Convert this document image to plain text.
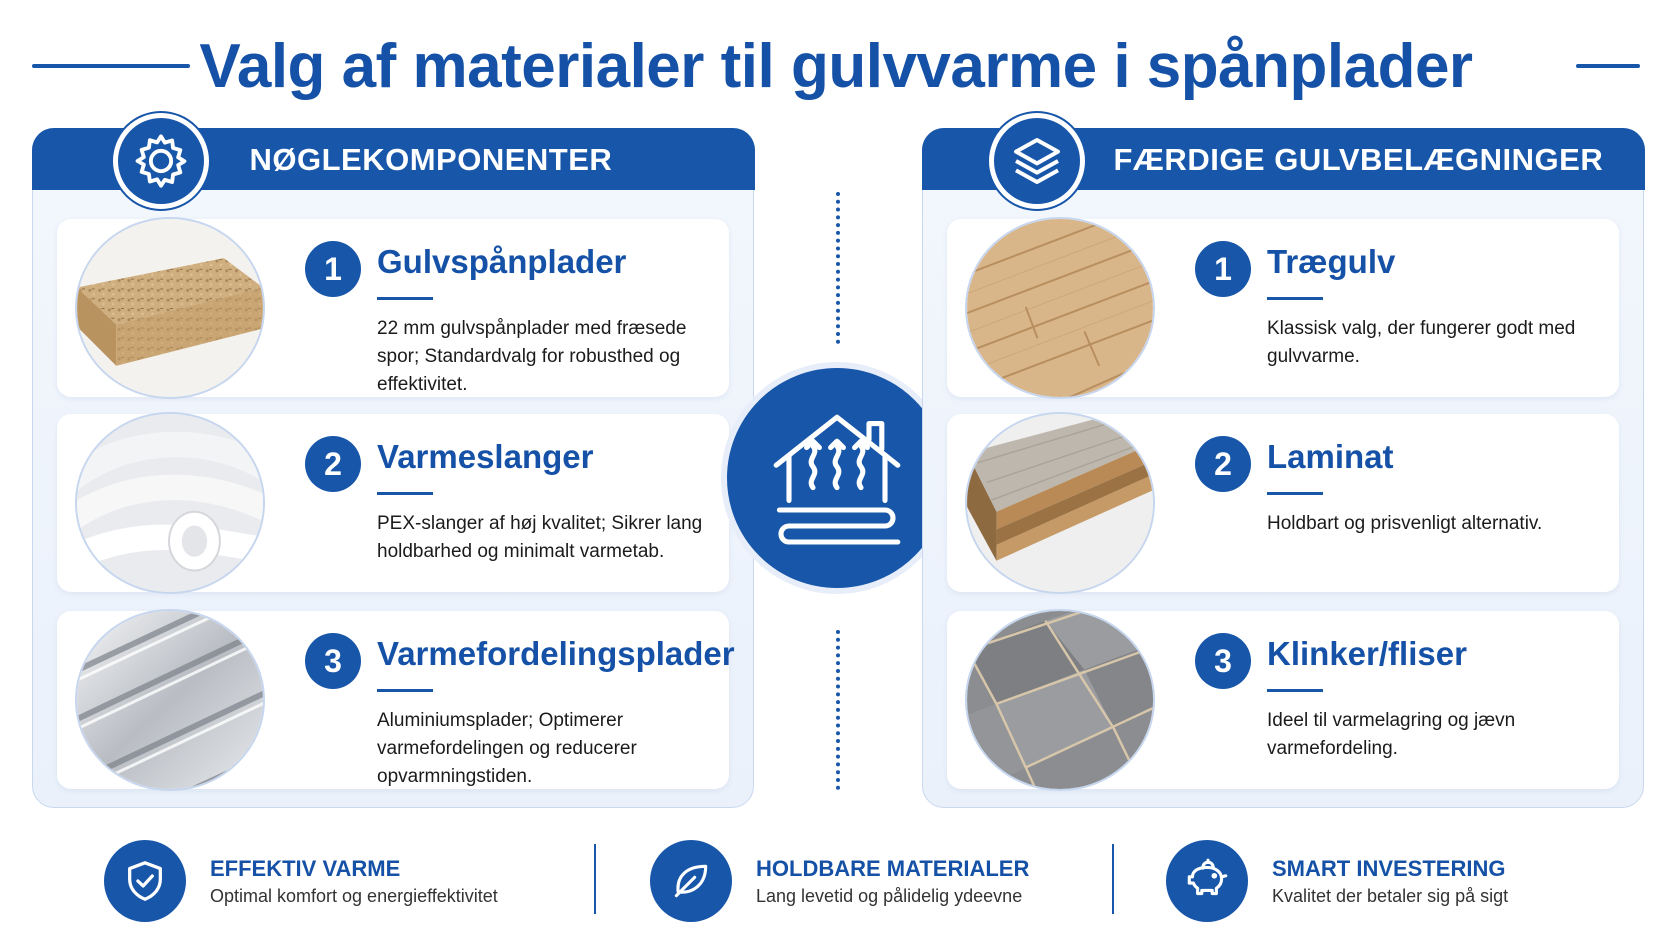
Valg af materialer til gulvvarme i spånplader
NØGLEKOMPONENTER
1	Gulvspånplader
22 mm gulvspånplader med fræsede spor; Standardvalg for robusthed og effektivitet.
2	Varmeslanger
PEX-slanger af høj kvalitet; Sikrer lang holdbarhed og minimalt varmetab.
3	Varmefordelingsplader
Aluminiumsplader; Optimerer varmefordelingen og reducerer opvarmningstiden.
FÆRDIGE GULVBELÆGNINGER
1	Trægulv
Klassisk valg, der fungerer godt med gulvvarme.
2	Laminat
Holdbart og prisvenligt alternativ.
3	Klinker/fliser
Ideel til varmelagring og jævn varmefordeling.
EFFEKTIV VARME
Optimal komfort og energieffektivitet
HOLDBARE MATERIALER
Lang levetid og pålidelig ydeevne
SMART INVESTERING
Kvalitet der betaler sig på sigt
